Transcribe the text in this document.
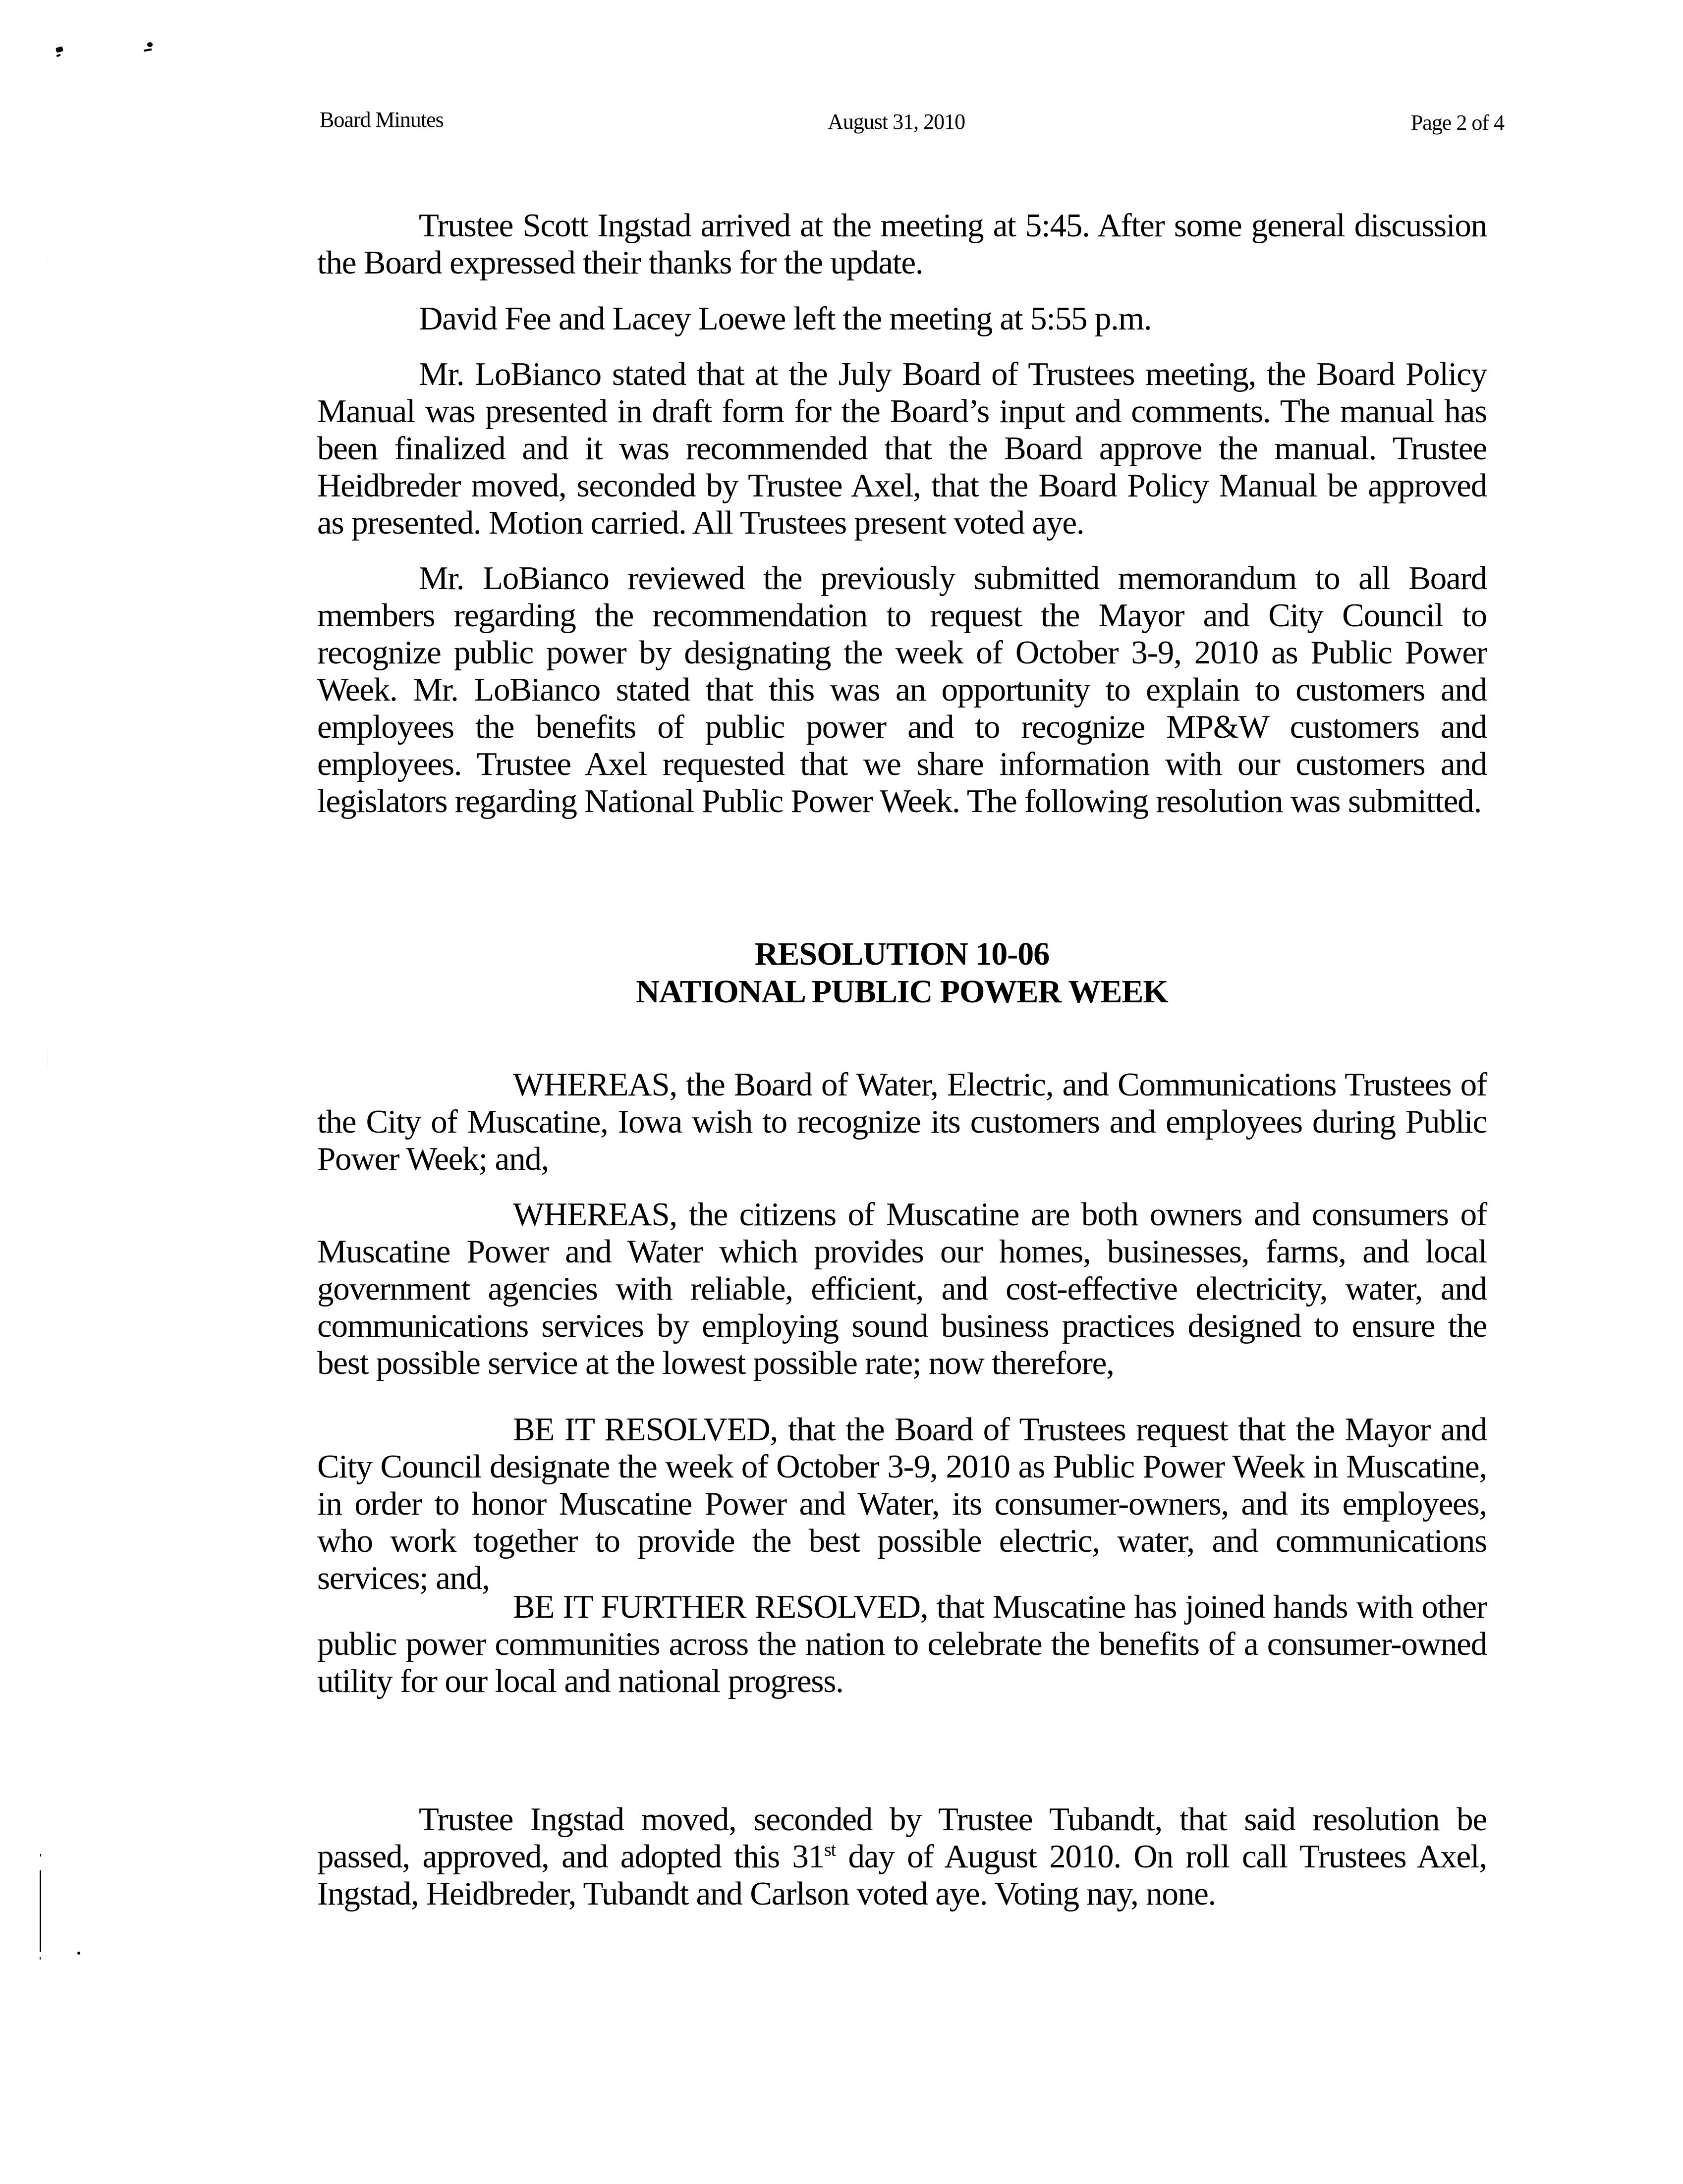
Board Minutes	August 31, 2010	Page 2 of 4

Trustee Scott Ingstad arrived at the meeting at 5:45. After some general discussion the Board expressed their thanks for the update.

David Fee and Lacey Loewe left the meeting at 5:55 p.m.

Mr. LoBianco stated that at the July Board of Trustees meeting, the Board Policy Manual was presented in draft form for the Board’s input and comments. The manual has been finalized and it was recommended that the Board approve the manual. Trustee Heidbreder moved, seconded by Trustee Axel, that the Board Policy Manual be approved as presented. Motion carried. All Trustees present voted aye.

Mr. LoBianco reviewed the previously submitted memorandum to all Board members regarding the recommendation to request the Mayor and City Council to recognize public power by designating the week of October 3-9, 2010 as Public Power Week. Mr. LoBianco stated that this was an opportunity to explain to customers and employees the benefits of public power and to recognize MP&W customers and employees. Trustee Axel requested that we share information with our customers and legislators regarding National Public Power Week. The following resolution was submitted.

RESOLUTION 10-06
NATIONAL PUBLIC POWER WEEK

WHEREAS, the Board of Water, Electric, and Communications Trustees of the City of Muscatine, Iowa wish to recognize its customers and employees during Public Power Week; and,

WHEREAS, the citizens of Muscatine are both owners and consumers of Muscatine Power and Water which provides our homes, businesses, farms, and local government agencies with reliable, efficient, and cost-effective electricity, water, and communications services by employing sound business practices designed to ensure the best possible service at the lowest possible rate; now therefore,

BE IT RESOLVED, that the Board of Trustees request that the Mayor and City Council designate the week of October 3-9, 2010 as Public Power Week in Muscatine, in order to honor Muscatine Power and Water, its consumer-owners, and its employees, who work together to provide the best possible electric, water, and communications services; and,

BE IT FURTHER RESOLVED, that Muscatine has joined hands with other public power communities across the nation to celebrate the benefits of a consumer-owned utility for our local and national progress.

Trustee Ingstad moved, seconded by Trustee Tubandt, that said resolution be passed, approved, and adopted this 31st day of August 2010. On roll call Trustees Axel, Ingstad, Heidbreder, Tubandt and Carlson voted aye. Voting nay, none.
